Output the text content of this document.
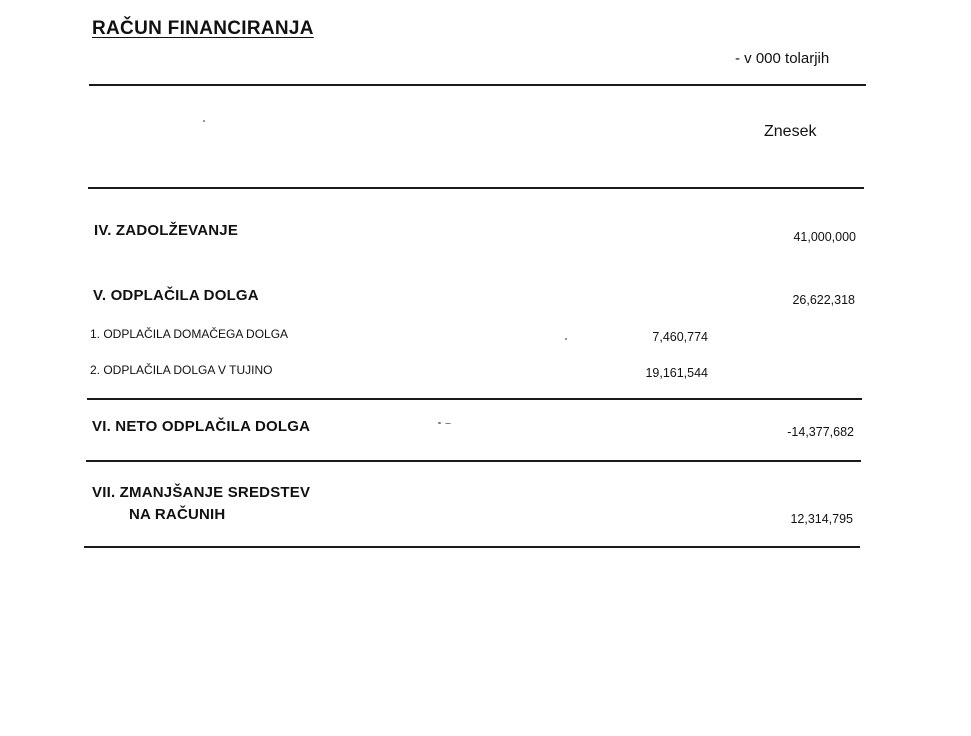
RAČUN FINANCIRANJA
- v 000 tolarjih
Znesek
IV. ZADOLŽEVANJE	41,000,000
V. ODPLAČILA DOLGA	26,622,318
1. ODPLAČILA DOMAČEGA DOLGA	7,460,774
2. ODPLAČILA DOLGA V TUJINO	19,161,544
VI. NETO ODPLAČILA DOLGA	-14,377,682
VII. ZMANJŠANJE SREDSTEV
NA RAČUNIH	12,314,795
